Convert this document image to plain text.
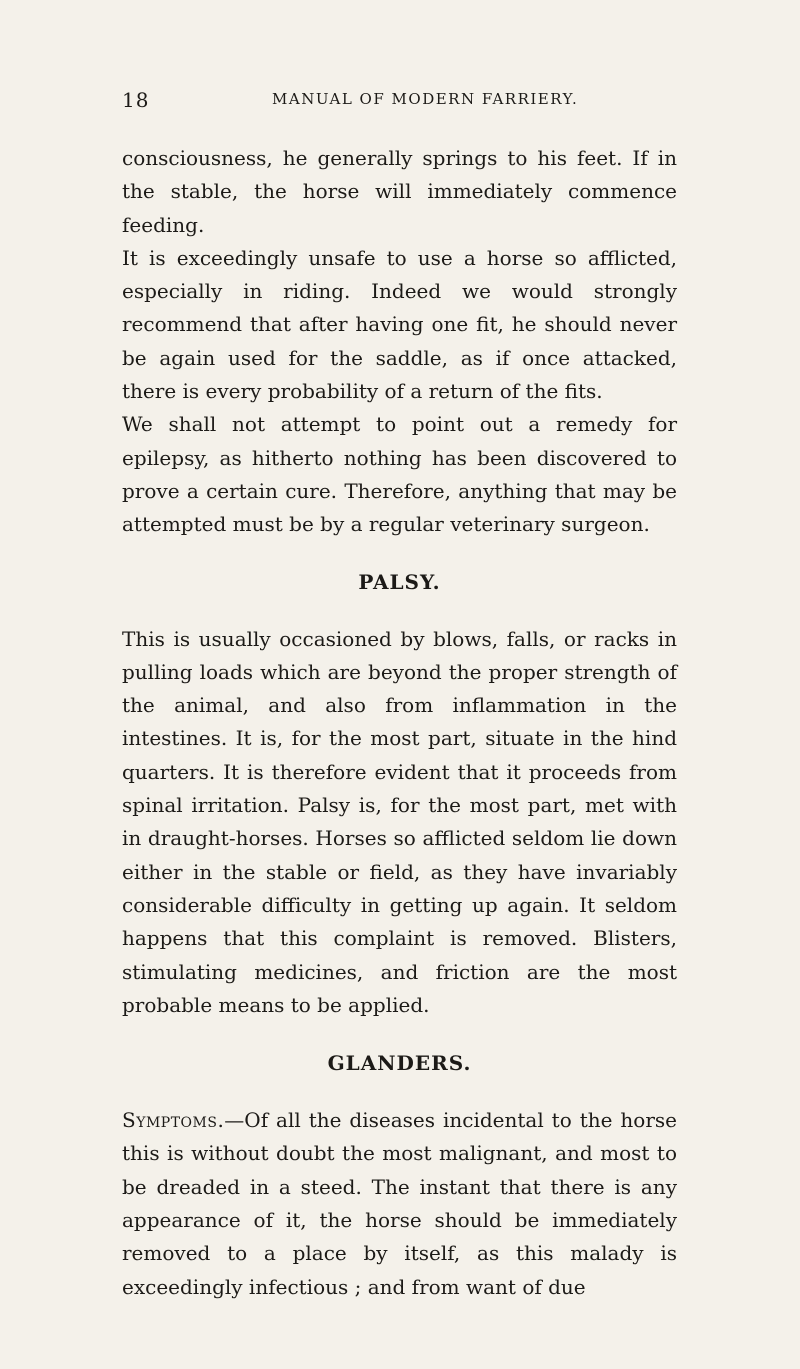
18	MANUAL OF MODERN FARRIERY.

consciousness, he generally springs to his feet. If in the stable, the horse will immediately commence feeding.

It is exceedingly unsafe to use a horse so afflicted, especially in riding. Indeed we would strongly recommend that after having one fit, he should never be again used for the saddle, as if once attacked, there is every probability of a return of the fits.

We shall not attempt to point out a remedy for epilepsy, as hitherto nothing has been discovered to prove a certain cure. Therefore, anything that may be attempted must be by a regular veterinary surgeon.

PALSY.

This is usually occasioned by blows, falls, or racks in pulling loads which are beyond the proper strength of the animal, and also from inflammation in the intestines. It is, for the most part, situate in the hind quarters. It is therefore evident that it proceeds from spinal irritation. Palsy is, for the most part, met with in draught-horses. Horses so afflicted seldom lie down either in the stable or field, as they have invariably considerable difficulty in getting up again. It seldom happens that this complaint is removed. Blisters, stimulating medicines, and friction are the most probable means to be applied.

GLANDERS.

Symptoms.—Of all the diseases incidental to the horse this is without doubt the most malignant, and most to be dreaded in a steed. The instant that there is any appearance of it, the horse should be immediately removed to a place by itself, as this malady is exceedingly infectious ; and from want of due
